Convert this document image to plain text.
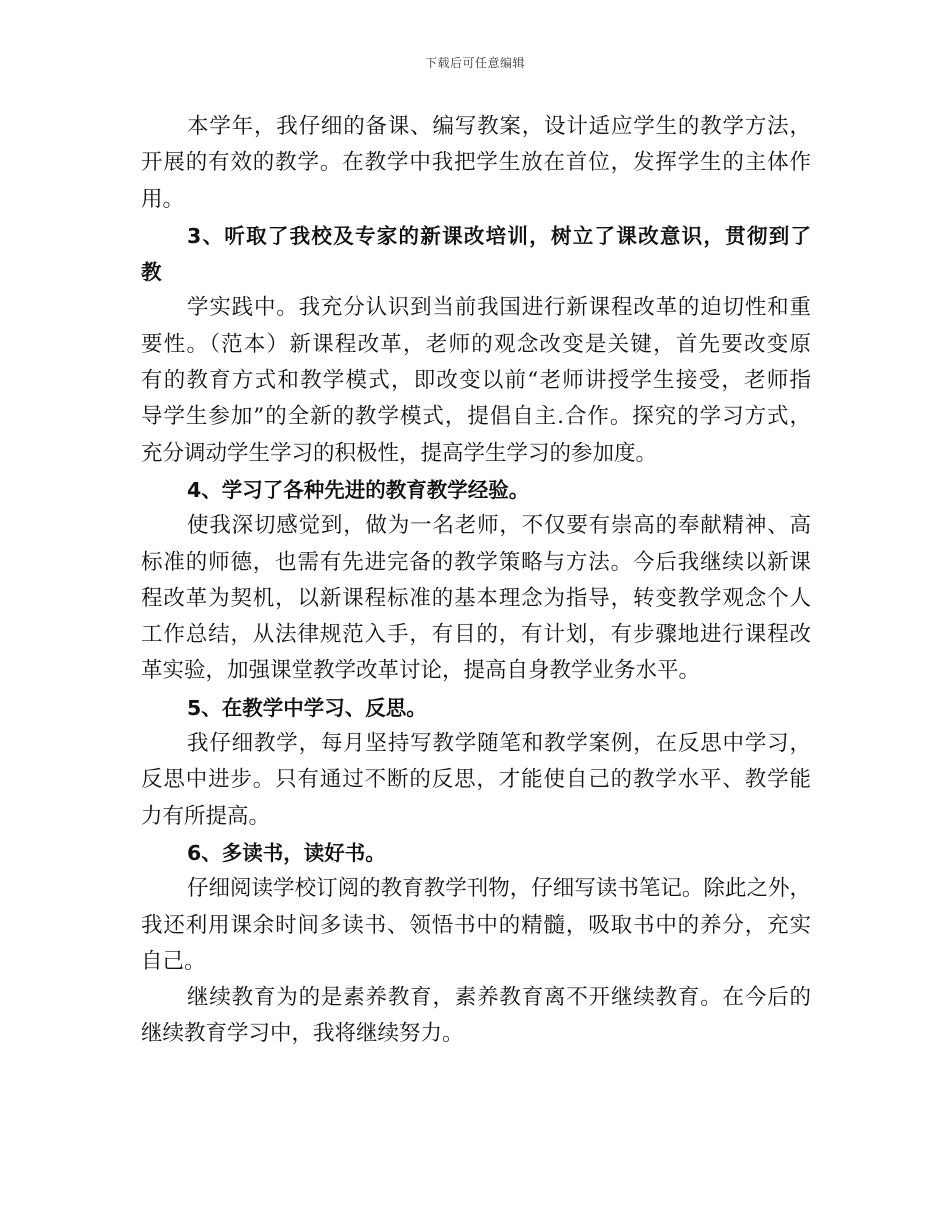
下载后可任意编辑
本学年，我仔细的备课、编写教案，设计适应学生的教学方法，
开展的有效的教学。在教学中我把学生放在首位，发挥学生的主体作
用。
3、听取了我校及专家的新课改培训，树立了课改意识，贯彻到了
教
学实践中。我充分认识到当前我国进行新课程改革的迫切性和重
要性。（范本）新课程改革，老师的观念改变是关键，首先要改变原
有的教育方式和教学模式，即改变以前“老师讲授学生接受，老师指
导学生参加”的全新的教学模式，提倡自主.合作。探究的学习方式，
充分调动学生学习的积极性，提高学生学习的参加度。
4、学习了各种先进的教育教学经验。
使我深切感觉到，做为一名老师，不仅要有崇高的奉献精神、高
标准的师德，也需有先进完备的教学策略与方法。今后我继续以新课
程改革为契机，以新课程标准的基本理念为指导，转变教学观念个人
工作总结，从法律规范入手，有目的，有计划，有步骤地进行课程改
革实验，加强课堂教学改革讨论，提高自身教学业务水平。
5、在教学中学习、反思。
我仔细教学，每月坚持写教学随笔和教学案例，在反思中学习，
反思中进步。只有通过不断的反思，才能使自己的教学水平、教学能
力有所提高。
6、多读书，读好书。
仔细阅读学校订阅的教育教学刊物，仔细写读书笔记。除此之外，
我还利用课余时间多读书、领悟书中的精髓，吸取书中的养分，充实
自己。
继续教育为的是素养教育，素养教育离不开继续教育。在今后的
继续教育学习中，我将继续努力。
